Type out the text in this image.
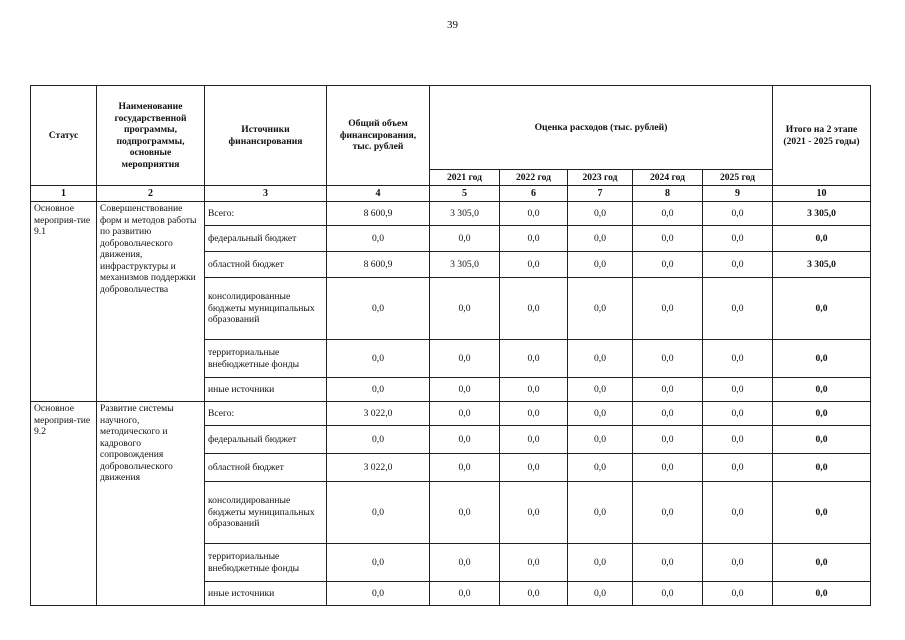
39
Статус	Наименование государственной программы, подпрограммы, основные мероприятия	Источники финансирования	Общий объем финансирования, тыс. рублей	Оценка расходов (тыс. рублей)					Итого на 2 этапе (2021 - 2025 годы)
				2021 год	2022 год	2023 год	2024 год	2025 год	
1	2	3	4	5	6	7	8	9	10
Основное мероприя-тие 9.1	Совершенствование форм и методов работы по развитию добровольческого движения, инфраструктуры и механизмов поддержки добровольчества	Всего:	8 600,9	3 305,0	0,0	0,0	0,0	0,0	3 305,0
		федеральный бюджет	0,0	0,0	0,0	0,0	0,0	0,0	0,0
		областной бюджет	8 600,9	3 305,0	0,0	0,0	0,0	0,0	3 305,0
		консолидированные бюджеты муниципальных образований	0,0	0,0	0,0	0,0	0,0	0,0	0,0
		территориальные внебюджетные фонды	0,0	0,0	0,0	0,0	0,0	0,0	0,0
		иные источники	0,0	0,0	0,0	0,0	0,0	0,0	0,0
Основное мероприя-тие 9.2	Развитие системы научного, методического и кадрового сопровождения добровольческого движения	Всего:	3 022,0	0,0	0,0	0,0	0,0	0,0	0,0
		федеральный бюджет	0,0	0,0	0,0	0,0	0,0	0,0	0,0
		областной бюджет	3 022,0	0,0	0,0	0,0	0,0	0,0	0,0
		консолидированные бюджеты муниципальных образований	0,0	0,0	0,0	0,0	0,0	0,0	0,0
		территориальные внебюджетные фонды	0,0	0,0	0,0	0,0	0,0	0,0	0,0
		иные источники	0,0	0,0	0,0	0,0	0,0	0,0	0,0
